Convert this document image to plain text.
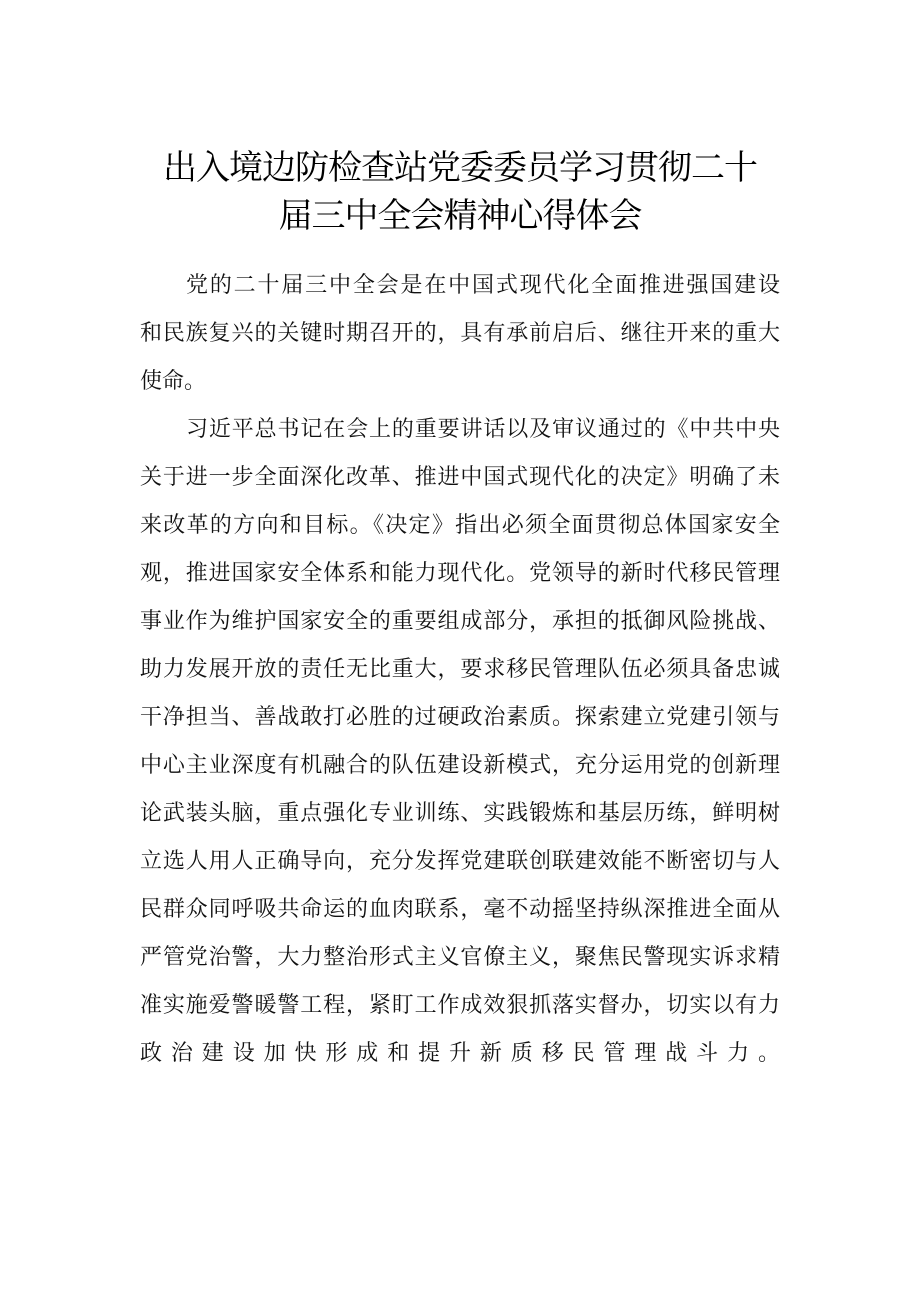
出入境边防检查站党委委员学习贯彻二十
届三中全会精神心得体会
党的二十届三中全会是在中国式现代化全面推进强国建设
和民族复兴的关键时期召开的，具有承前启后、继往开来的重大
使命。
习近平总书记在会上的重要讲话以及审议通过的《中共中央
关于进一步全面深化改革、推进中国式现代化的决定》明确了未
来改革的方向和目标。《决定》指出必须全面贯彻总体国家安全
观，推进国家安全体系和能力现代化。党领导的新时代移民管理
事业作为维护国家安全的重要组成部分，承担的抵御风险挑战、
助力发展开放的责任无比重大，要求移民管理队伍必须具备忠诚
干净担当、善战敢打必胜的过硬政治素质。探索建立党建引领与
中心主业深度有机融合的队伍建设新模式，充分运用党的创新理
论武装头脑，重点强化专业训练、实践锻炼和基层历练，鲜明树
立选人用人正确导向，充分发挥党建联创联建效能不断密切与人
民群众同呼吸共命运的血肉联系，毫不动摇坚持纵深推进全面从
严管党治警，大力整治形式主义官僚主义，聚焦民警现实诉求精
准实施爱警暖警工程，紧盯工作成效狠抓落实督办，切实以有力
政治建设加快形成和提升新质移民管理战斗力。
